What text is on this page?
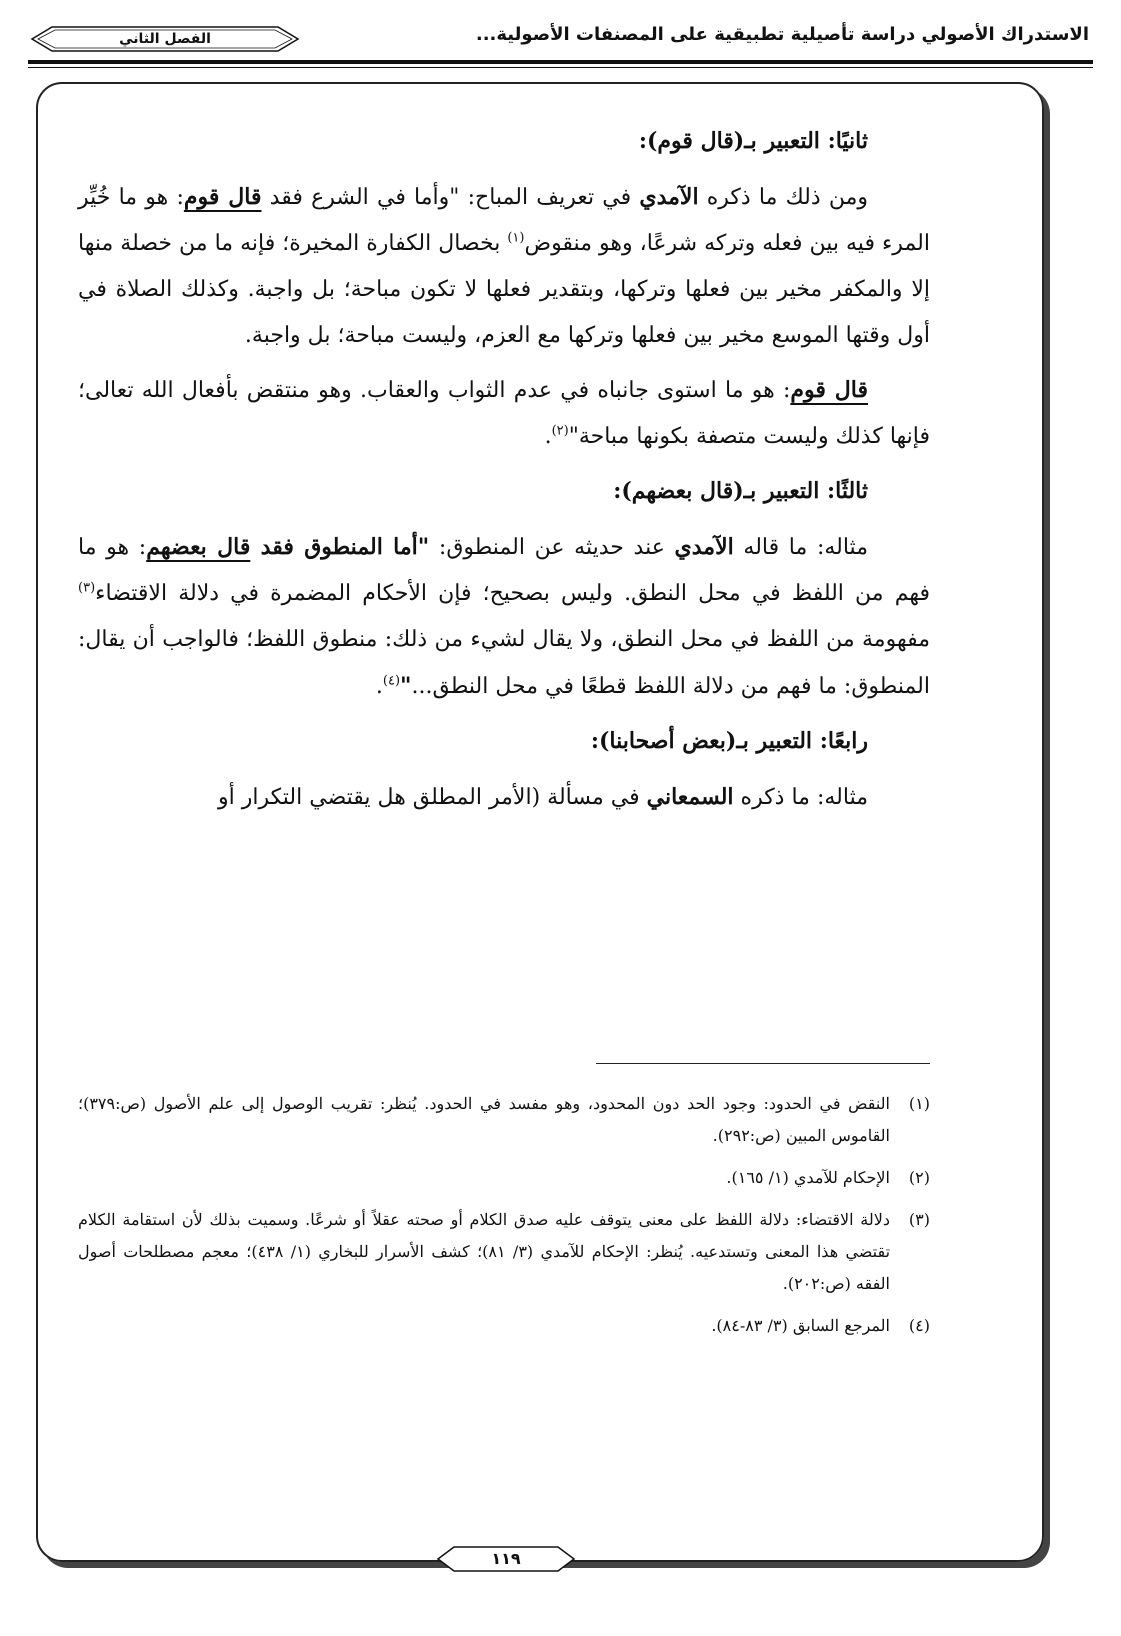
الاستدراك الأصولي دراسة تأصيلية تطبيقية على المصنفات الأصولية...
الفصل الثاني

ثانيًا: التعبير بـ(قال قوم):

ومن ذلك ما ذكره الآمدي في تعريف المباح: "وأما في الشرع فقد قال قوم: هو ما خُيِّر المرء فيه بين فعله وتركه شرعًا، وهو منقوض$^{(١)}$ بخصال الكفارة المخيرة؛ فإنه ما من خصلة منها إلا والمكفر مخير بين فعلها وتركها، وبتقدير فعلها لا تكون مباحة؛ بل واجبة. وكذلك الصلاة في أول وقتها الموسع مخير بين فعلها وتركها مع العزم، وليست مباحة؛ بل واجبة.

قال قوم: هو ما استوى جانباه في عدم الثواب والعقاب. وهو منتقض بأفعال الله تعالى؛ فإنها كذلك وليست متصفة بكونها مباحة"$^{(٢)}$.

ثالثًا: التعبير بـ(قال بعضهم):

مثاله: ما قاله الآمدي عند حديثه عن المنطوق: "أما المنطوق فقد قال بعضهم: هو ما فهم من اللفظ في محل النطق. وليس بصحيح؛ فإن الأحكام المضمرة في دلالة الاقتضاء$^{(٣)}$ مفهومة من اللفظ في محل النطق، ولا يقال لشيء من ذلك: منطوق اللفظ؛ فالواجب أن يقال: المنطوق: ما فهم من دلالة اللفظ قطعًا في محل النطق..."$^{(٤)}$.

رابعًا: التعبير بـ(بعض أصحابنا):

مثاله: ما ذكره السمعاني في مسألة (الأمر المطلق هل يقتضي التكرار أو

(١)
النقض في الحدود: وجود الحد دون المحدود، وهو مفسد في الحدود. يُنظر: تقريب الوصول إلى علم الأصول (ص:٣٧٩)؛ القاموس المبين (ص:٢٩٢).
(٢)
الإحكام للآمدي (١/ ١٦٥).
(٣)
دلالة الاقتضاء: دلالة اللفظ على معنى يتوقف عليه صدق الكلام أو صحته عقلاً أو شرعًا. وسميت بذلك لأن استقامة الكلام تقتضي هذا المعنى وتستدعيه. يُنظر: الإحكام للآمدي (٣/ ٨١)؛ كشف الأسرار للبخاري (١/ ٤٣٨)؛ معجم مصطلحات أصول الفقه (ص:٢٠٢).
(٤)
المرجع السابق (٣/ ٨٣-٨٤).
١١٩
